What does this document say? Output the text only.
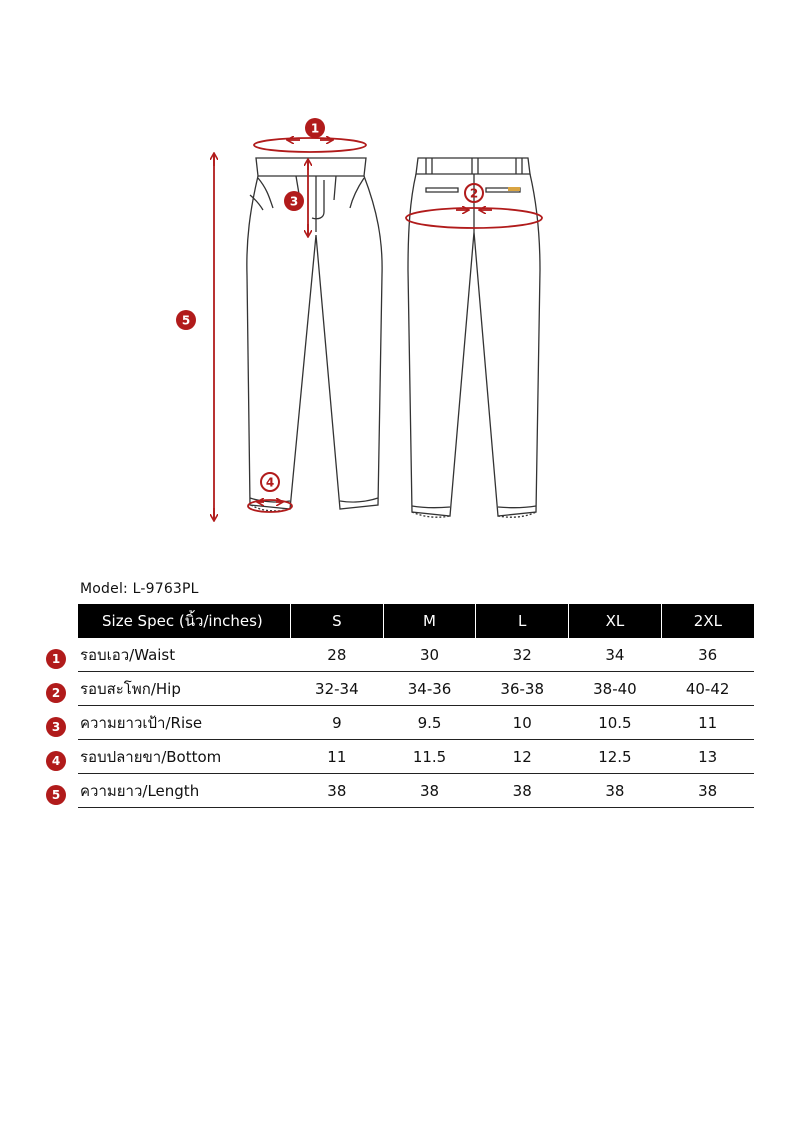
1
2
3
4
5
Model: L-9763PL
1
2
3
4
5
Size Spec (นิ้ว/inches)	S	M	L	XL	2XL
รอบเอว/Waist	28	30	32	34	36
รอบสะโพก/Hip	32-34	34-36	36-38	38-40	40-42
ความยาวเป้า/Rise	9	9.5	10	10.5	11
รอบปลายขา/Bottom	11	11.5	12	12.5	13
ความยาว/Length	38	38	38	38	38
